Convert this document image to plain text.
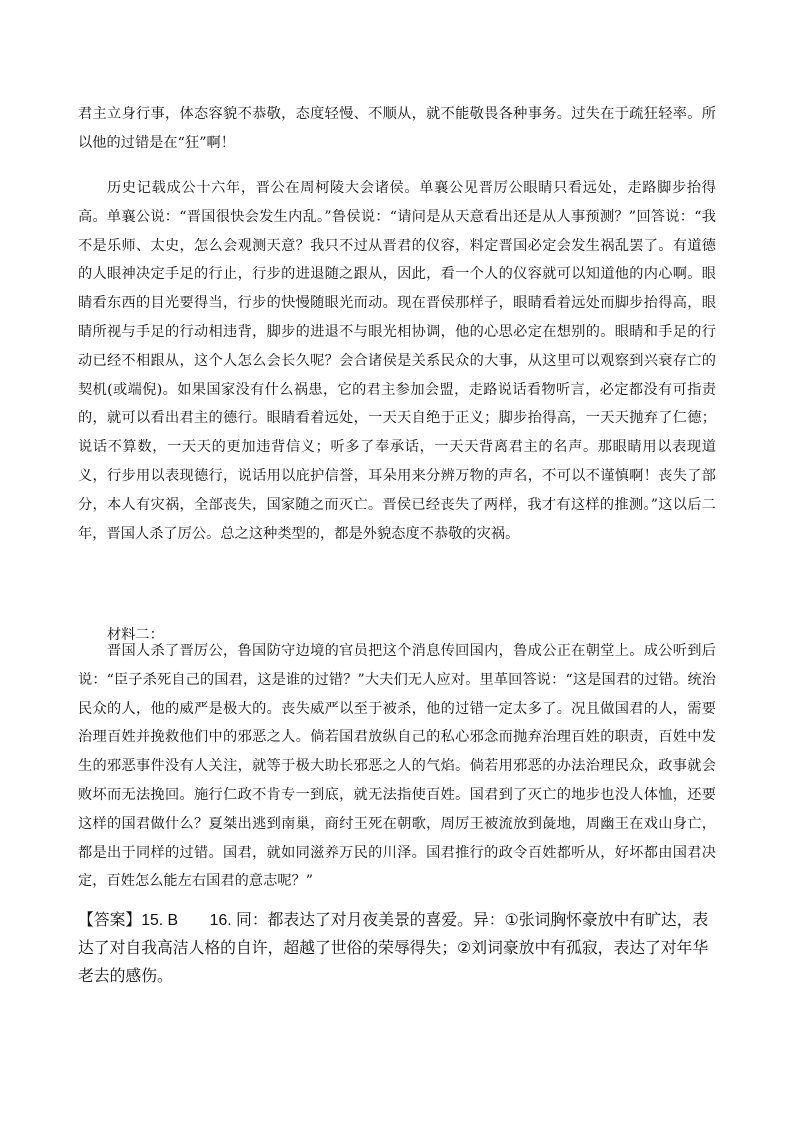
君主立身行事，体态容貌不恭敬，态度轻慢、不顺从，就不能敬畏各种事务。过失在于疏狂轻率。所以他的过错是在“狂”啊！

历史记载成公十六年，晋公在周柯陵大会诸侯。单襄公见晋厉公眼睛只看远处，走路脚步抬得高。单襄公说：“晋国很快会发生内乱。”鲁侯说：“请问是从天意看出还是从人事预测？”回答说：“我不是乐师、太史，怎么会观测天意？我只不过从晋君的仪容，料定晋国必定会发生祸乱罢了。有道德的人眼神决定手足的行止，行步的进退随之跟从，因此，看一个人的仪容就可以知道他的内心啊。眼睛看东西的目光要得当，行步的快慢随眼光而动。现在晋侯那样子，眼睛看着远处而脚步抬得高，眼睛所视与手足的行动相违背，脚步的进退不与眼光相协调，他的心思必定在想别的。眼睛和手足的行动已经不相跟从，这个人怎么会长久呢？会合诸侯是关系民众的大事，从这里可以观察到兴衰存亡的契机(或端倪)。如果国家没有什么祸患，它的君主参加会盟，走路说话看物听言，必定都没有可指责的，就可以看出君主的德行。眼睛看着远处，一天天自绝于正义；脚步抬得高，一天天抛弃了仁德；说话不算数，一天天的更加违背信义；听多了奉承话，一天天背离君主的名声。那眼睛用以表现道义，行步用以表现德行，说话用以庇护信誉，耳朵用来分辨万物的声名，不可以不谨慎啊！丧失了部分，本人有灾祸，全部丧失，国家随之而灭亡。晋侯已经丧失了两样，我才有这样的推测。”这以后二年，晋国人杀了厉公。总之这种类型的，都是外貌态度不恭敬的灾祸。

材料二：

晋国人杀了晋厉公，鲁国防守边境的官员把这个消息传回国内，鲁成公正在朝堂上。成公听到后说：“臣子杀死自己的国君，这是谁的过错？”大夫们无人应对。里革回答说：“这是国君的过错。统治民众的人，他的威严是极大的。丧失威严以至于被杀，他的过错一定太多了。况且做国君的人，需要治理百姓并挽救他们中的邪恶之人。倘若国君放纵自己的私心邪念而抛弃治理百姓的职责，百姓中发生的邪恶事件没有人关注，就等于极大助长邪恶之人的气焰。倘若用邪恶的办法治理民众，政事就会败坏而无法挽回。施行仁政不肯专一到底，就无法指使百姓。国君到了灭亡的地步也没人体恤，还要这样的国君做什么？夏桀出逃到南巢，商纣王死在朝歌，周厉王被流放到彘地，周幽王在戏山身亡，都是出于同样的过错。国君，就如同滋养万民的川泽。国君推行的政令百姓都听从，好坏都由国君决定，百姓怎么能左右国君的意志呢？”

【答案】15. B　　16. 同：都表达了对月夜美景的喜爱。异：①张词胸怀豪放中有旷达，表达了对自我高洁人格的自许，超越了世俗的荣辱得失；②刘词豪放中有孤寂，表达了对年华老去的感伤。
